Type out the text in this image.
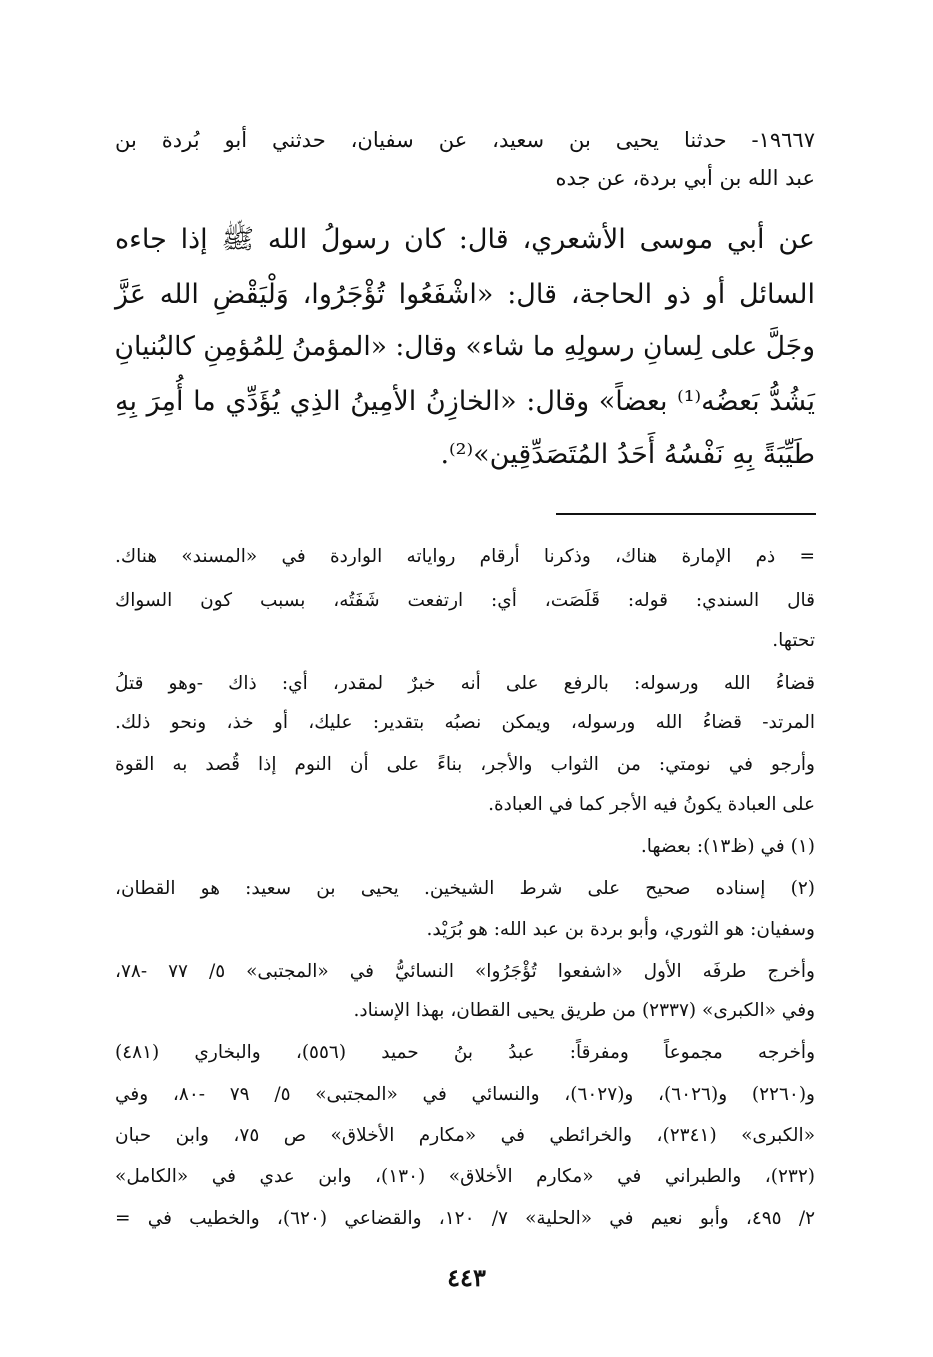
١٩٦٦٧- حدثنا يحيى بن سعيد، عن سفيان، حدثني أبو بُردة بن

عبد الله بن أبي بردة، عن جده

عن أبي موسى الأشعري، قال: كان رسولُ الله ﷺ إذا جاءه

السائل أو ذو الحاجة، قال: «اشْفَعُوا تُؤْجَرُوا، وَلْيَقْضِ الله عَزَّ

وجَلَّ على لِسانِ رسولِهِ ما شاء» وقال: «المؤمنُ لِلمُؤمِنِ كالبُنيانِ

يَشُدُّ بَعضُه⁽¹⁾ بعضاً» وقال: «الخازِنُ الأمِينُ الذِي يُؤَدِّي ما أُمِرَ بِهِ

طَيِّبَةً بِهِ نَفْسُهُ أَحَدُ المُتَصَدِّقِين»⁽²⁾.

= ذم الإمارة هناك، وذكرنا أرقام رواياته الواردة في «المسند» هناك.

قال السندي: قوله: قَلَصَت، أي: ارتفعت شَفَتُه، بسبب كون السواك

تحتها.

قضاءُ الله ورسوله: بالرفع على أنه خبرٌ لمقدر، أي: ذاك -وهو قتلُ

المرتد- قضاءُ الله ورسوله، ويمكن نصبُه بتقدير: عليك، أو خذ، ونحو ذلك.

وأرجو في نومتي: من الثواب والأجر، بناءً على أن النوم إذا قُصد به القوة

على العبادة يكونُ فيه الأجر كما في العبادة.

(١) في (ظ١٣): بعضها.

(٢) إسناده صحيح على شرط الشيخين. يحيى بن سعيد: هو القطان،

وسفيان: هو الثوري، وأبو بردة بن عبد الله: هو بُرَيْد.

وأخرج طرفَه الأول «اشفعوا تُؤْجَرُوا» النسائيُّ في «المجتبى» ٥/ ٧٧ -٧٨،

وفي «الكبرى» (٢٣٣٧) من طريق يحيى القطان، بهذا الإسناد.

وأخرجه مجموعاً ومفرقاً: عبدُ بنُ حميد (٥٥٦)، والبخاري (٤٨١)

و(٢٢٦٠) و(٦٠٢٦)، و(٦٠٢٧)، والنسائي في «المجتبى» ٥/ ٧٩ -٨٠، وفي

«الكبرى» (٢٣٤١)، والخرائطي في «مكارم الأخلاق» ص ٧٥، وابن حبان

(٢٣٢)، والطبراني في «مكارم الأخلاق» (١٣٠)، وابن عدي في «الكامل»

٢/ ٤٩٥، وأبو نعيم في «الحلية» ٧/ ١٢٠، والقضاعي (٦٢٠)، والخطيب في =

٤٤٣
